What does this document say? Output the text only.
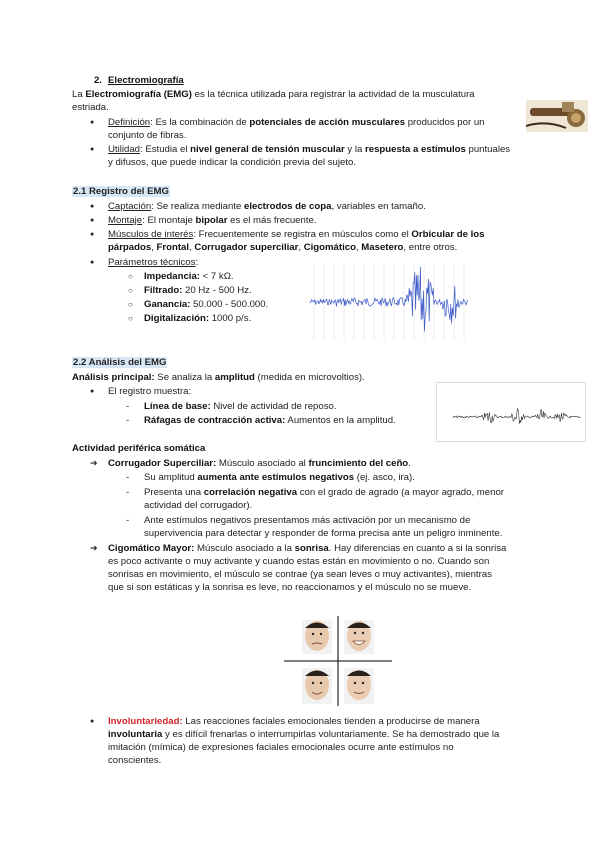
2. Electromiografía
La Electromiografía (EMG) es la técnica utilizada para registrar la actividad de la musculatura
estriada.
● Definición: Es la combinación de potenciales de acción musculares producidos por un
conjunto de fibras.
● Utilidad: Estudia el nivel general de tensión muscular y la respuesta a estímulos puntuales
y difusos, que puede indicar la condición previa del sujeto.
2.1 Registro del EMG
● Captación: Se realiza mediante electrodos de copa, variables en tamaño.
● Montaje: El montaje bipolar es el más frecuente.
● Músculos de interés: Frecuentemente se registra en músculos como el Orbicular de los
párpados, Frontal, Corrugador superciliar, Cigomático, Masetero, entre otros.
● Parámetros técnicos:
○ Impedancia: < 7 kΩ.
○ Filtrado: 20 Hz - 500 Hz.
○ Ganancia: 50.000 - 500.000.
○ Digitalización: 1000 p/s.
2.2 Análisis del EMG
Análisis principal: Se analiza la amplitud (medida en microvoltios).
● El registro muestra:
- Línea de base: Nivel de actividad de reposo.
- Ráfagas de contracción activa: Aumentos en la amplitud.
Actividad periférica somática
➔ Corrugador Superciliar: Músculo asociado al fruncimiento del ceño.
- Su amplitud aumenta ante estímulos negativos (ej. asco, ira).
- Presenta una correlación negativa con el grado de agrado (a mayor agrado, menor
actividad del corrugador).
- Ante estímulos negativos presentamos más activación por un mecanismo de
supervivencia para detectar y responder de forma precisa ante un peligro inminente.
➔ Cigomático Mayor: Músculo asociado a la sonrisa. Hay diferencias en cuanto a si la sonrisa
es poco activante o muy activante y cuando estas están en movimiento o no. Cuando son
sonrisas en movimiento, el músculo se contrae (ya sean leves o muy activantes), mientras
que si son estáticas y la sonrisa es leve, no reaccionamos y el músculo no se mueve.
● Involuntariedad: Las reacciones faciales emocionales tienden a producirse de manera
involuntaria y es difícil frenarlas o interrumpirlas voluntariamente. Se ha demostrado que la
imitación (mímica) de expresiones faciales emocionales ocurre ante estímulos no
conscientes.
